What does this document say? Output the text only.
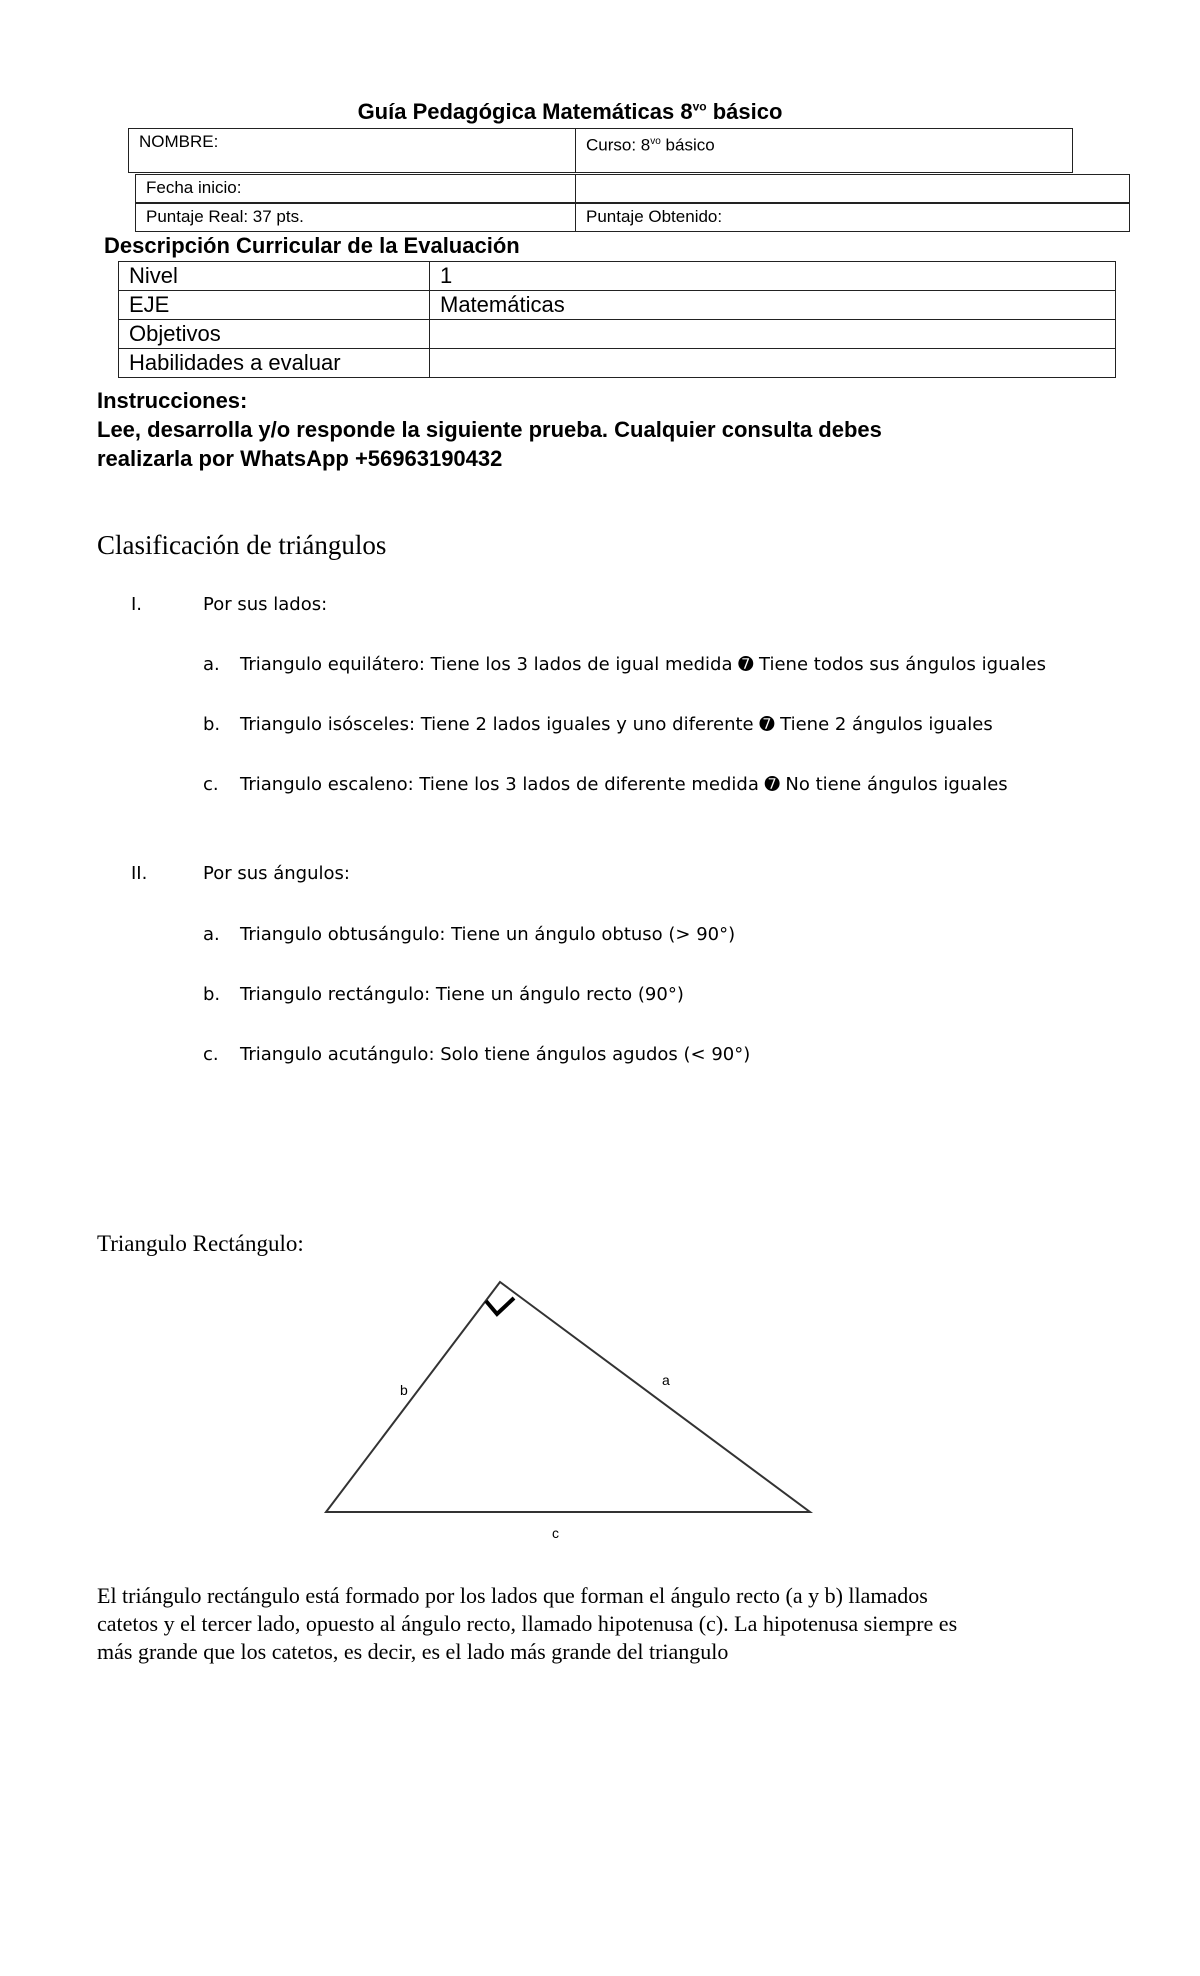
Guía Pedagógica Matemáticas $8^{vo}$ básico
NOMBRE:	Curso: $8^{vo}$ básico
Fecha inicio:
Puntaje Real: 37 pts.	Puntaje Obtenido:
Descripción Curricular de la Evaluación
Nivel	1
EJE	Matemáticas
Objetivos	
Habilidades a evaluar	
Instrucciones:
Lee, desarrolla y/o responde la siguiente prueba. Cualquier consulta debes
realizarla por WhatsApp +56963190432
Clasificación de triángulos
I.	Por sus lados:
a. Triangulo equilátero: Tiene los 3 lados de igual medida ➐ Tiene todos sus ángulos iguales
b. Triangulo isósceles: Tiene 2 lados iguales y uno diferente ➐ Tiene 2 ángulos iguales
c. Triangulo escaleno: Tiene los 3 lados de diferente medida ➐ No tiene ángulos iguales
II.	Por sus ángulos:
a. Triangulo obtusángulo: Tiene un ángulo obtuso (> 90°)
b. Triangulo rectángulo: Tiene un ángulo recto (90°)
c. Triangulo acutángulo: Solo tiene ángulos agudos (< 90°)
Triangulo Rectángulo:
b
a
c
El triángulo rectángulo está formado por los lados que forman el ángulo recto (a y b) llamados
catetos y el tercer lado, opuesto al ángulo recto, llamado hipotenusa (c). La hipotenusa siempre es
más grande que los catetos, es decir, es el lado más grande del triangulo
